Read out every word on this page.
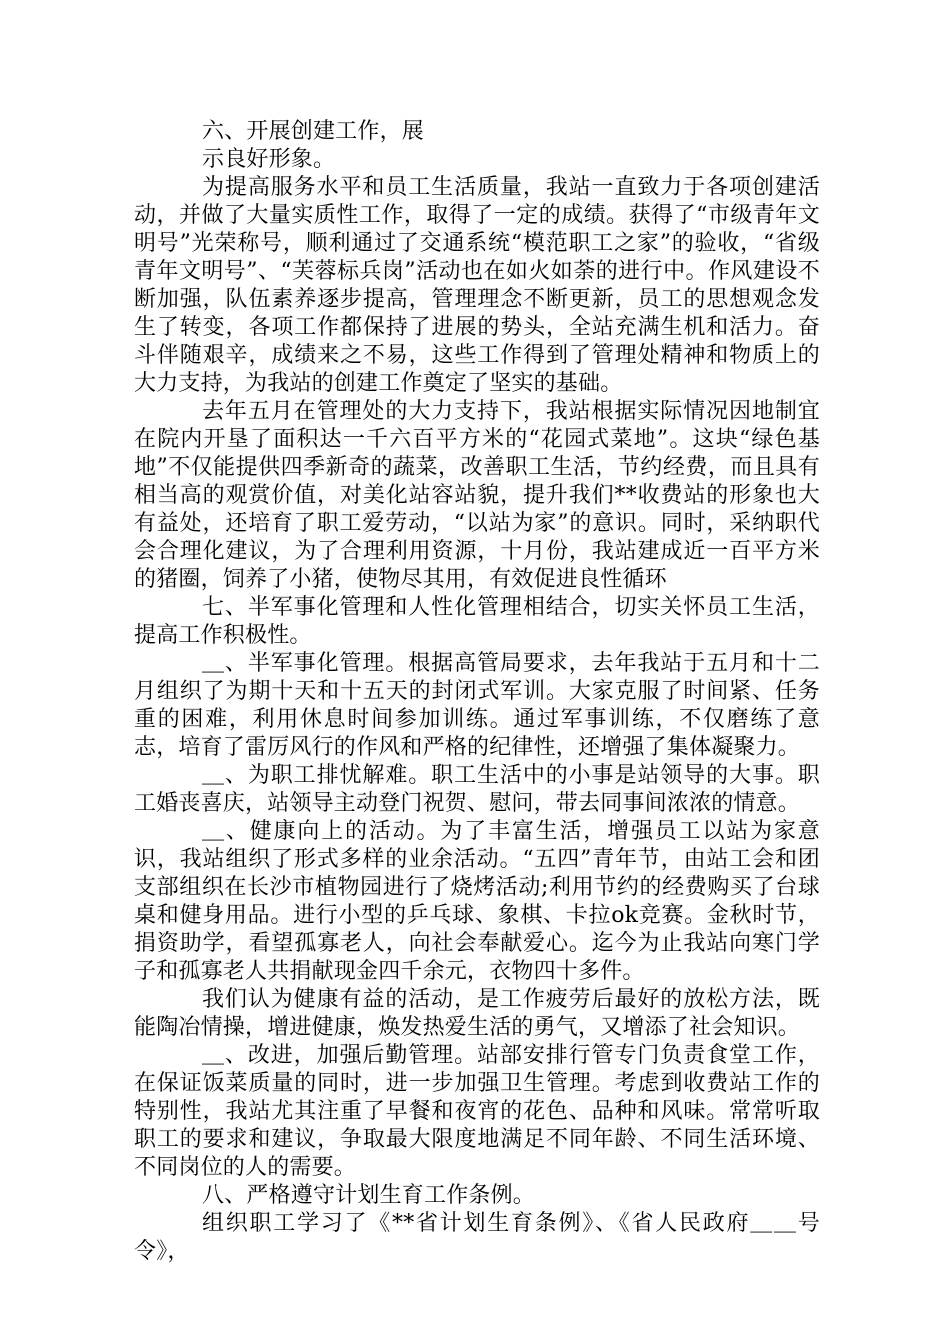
六、开展创建工作，展

示良好形象。

为提高服务水平和员工生活质量，我站一直致力于各项创建活动，并做了大量实质性工作，取得了一定的成绩。获得了“市级青年文明号”光荣称号，顺利通过了交通系统“模范职工之家”的验收，“省级青年文明号”、“芙蓉标兵岗”活动也在如火如荼的进行中。作风建设不断加强，队伍素养逐步提高，管理理念不断更新，员工的思想观念发生了转变，各项工作都保持了进展的势头，全站充满生机和活力。奋斗伴随艰辛，成绩来之不易，这些工作得到了管理处精神和物质上的大力支持，为我站的创建工作奠定了坚实的基础。

去年五月在管理处的大力支持下，我站根据实际情况因地制宜在院内开垦了面积达一千六百平方米的“花园式菜地”。这块“绿色基地”不仅能提供四季新奇的蔬菜，改善职工生活，节约经费，而且具有相当高的观赏价值，对美化站容站貌，提升我们**收费站的形象也大有益处，还培育了职工爱劳动，“以站为家”的意识。同时，采纳职代会合理化建议，为了合理利用资源，十月份，我站建成近一百平方米的猪圈，饲养了小猪，使物尽其用，有效促进良性循环

七、半军事化管理和人性化管理相结合，切实关怀员工生活，提高工作积极性。

＿、半军事化管理。根据高管局要求，去年我站于五月和十二月组织了为期十天和十五天的封闭式军训。大家克服了时间紧、任务重的困难，利用休息时间参加训练。通过军事训练，不仅磨练了意志，培育了雷厉风行的作风和严格的纪律性，还增强了集体凝聚力。

＿、为职工排忧解难。职工生活中的小事是站领导的大事。职工婚丧喜庆，站领导主动登门祝贺、慰问，带去同事间浓浓的情意。

＿、健康向上的活动。为了丰富生活，增强员工以站为家意识，我站组织了形式多样的业余活动。“五四”青年节，由站工会和团支部组织在长沙市植物园进行了烧烤活动;利用节约的经费购买了台球桌和健身用品。进行小型的乒乓球、象棋、卡拉ok竞赛。金秋时节，捐资助学，看望孤寡老人，向社会奉献爱心。迄今为止我站向寒门学子和孤寡老人共捐献现金四千余元，衣物四十多件。

我们认为健康有益的活动，是工作疲劳后最好的放松方法，既能陶冶情操，增进健康，焕发热爱生活的勇气，又增添了社会知识。

＿、改进，加强后勤管理。站部安排行管专门负责食堂工作，在保证饭菜质量的同时，进一步加强卫生管理。考虑到收费站工作的特别性，我站尤其注重了早餐和夜宵的花色、品种和风味。常常听取职工的要求和建议，争取最大限度地满足不同年龄、不同生活环境、不同岗位的人的需要。

八、严格遵守计划生育工作条例。

组织职工学习了《**省计划生育条例》、《省人民政府＿＿号令》，
